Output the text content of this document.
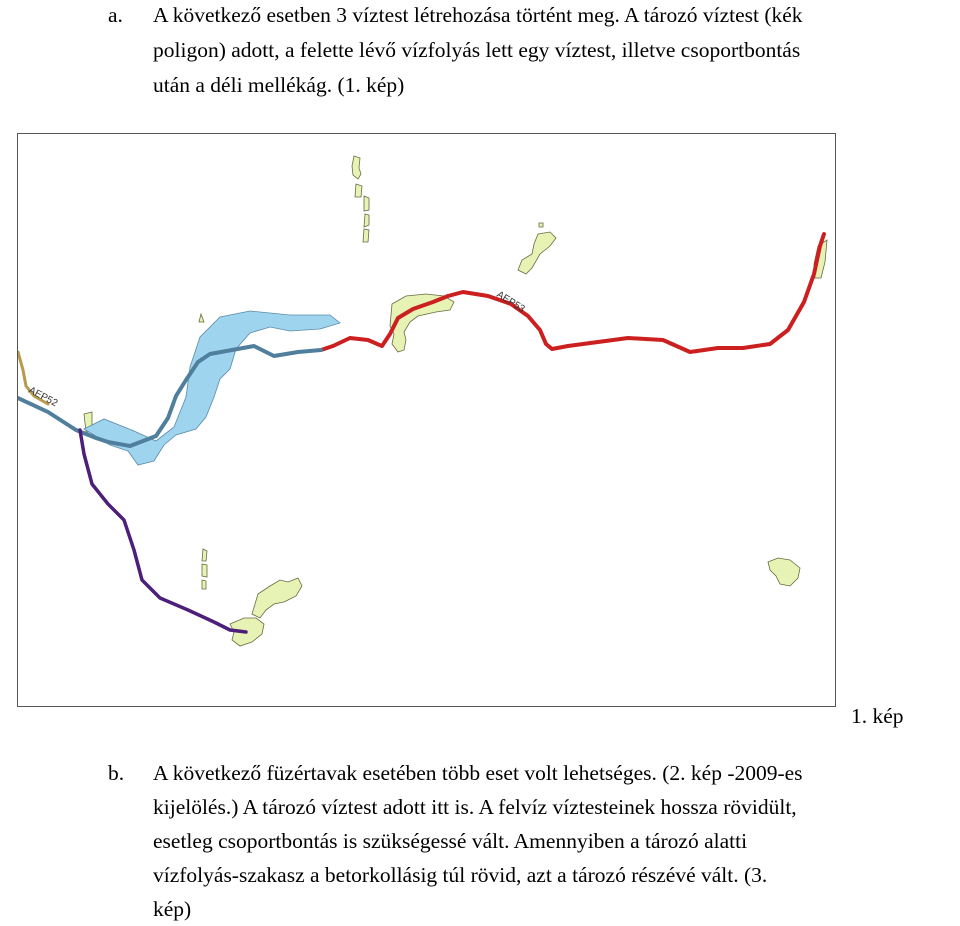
a. A következő esetben 3 víztest létrehozása történt meg. A tározó víztest (kék
poligon) adott, a felette lévő vízfolyás lett egy víztest, illetve csoportbontás
után a déli mellékág. (1. kép)
AEP53
AEP52
1. kép
b. A következő füzértavak esetében több eset volt lehetséges. (2. kép -2009-es
kijelölés.) A tározó víztest adott itt is. A felvíz víztesteinek hossza rövidült,
esetleg csoportbontás is szükségessé vált. Amennyiben a tározó alatti
vízfolyás-szakasz a betorkollásig túl rövid, azt a tározó részévé vált. (3.
kép)
